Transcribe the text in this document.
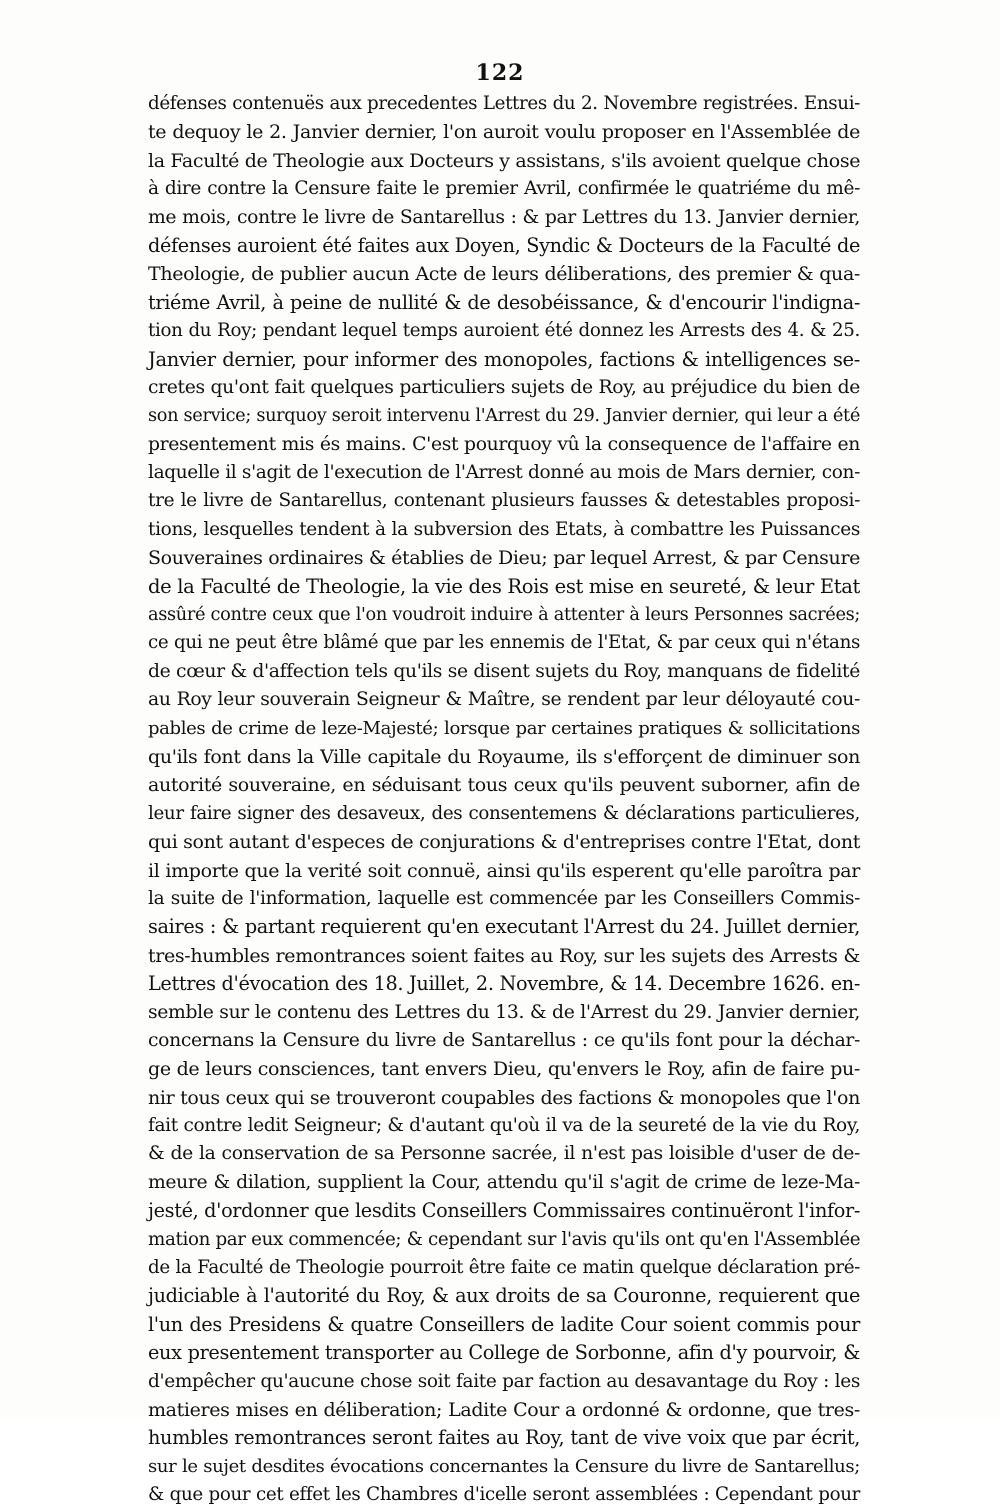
122
défenses contenuës aux precedentes Lettres du 2. Novembre registrées. Ensui-
te dequoy le 2. Janvier dernier, l'on auroit voulu proposer en l'Assemblée de
la Faculté de Theologie aux Docteurs y assistans, s'ils avoient quelque chose
à dire contre la Censure faite le premier Avril, confirmée le quatriéme du mê-
me mois, contre le livre de Santarellus : & par Lettres du 13. Janvier dernier,
défenses auroient été faites aux Doyen, Syndic & Docteurs de la Faculté de
Theologie, de publier aucun Acte de leurs déliberations, des premier & qua-
triéme Avril, à peine de nullité & de desobéissance, & d'encourir l'indigna-
tion du Roy; pendant lequel temps auroient été donnez les Arrests des 4. & 25.
Janvier dernier, pour informer des monopoles, factions & intelligences se-
cretes qu'ont fait quelques particuliers sujets de Roy, au préjudice du bien de
son service; surquoy seroit intervenu l'Arrest du 29. Janvier dernier, qui leur a été
presentement mis és mains. C'est pourquoy vû la consequence de l'affaire en
laquelle il s'agit de l'execution de l'Arrest donné au mois de Mars dernier, con-
tre le livre de Santarellus, contenant plusieurs fausses & detestables proposi-
tions, lesquelles tendent à la subversion des Etats, à combattre les Puissances
Souveraines ordinaires & établies de Dieu; par lequel Arrest, & par Censure
de la Faculté de Theologie, la vie des Rois est mise en seureté, & leur Etat
assûré contre ceux que l'on voudroit induire à attenter à leurs Personnes sacrées;
ce qui ne peut être blâmé que par les ennemis de l'Etat, & par ceux qui n'étans
de cœur & d'affection tels qu'ils se disent sujets du Roy, manquans de fidelité
au Roy leur souverain Seigneur & Maître, se rendent par leur déloyauté cou-
pables de crime de leze-Majesté; lorsque par certaines pratiques & sollicitations
qu'ils font dans la Ville capitale du Royaume, ils s'efforçent de diminuer son
autorité souveraine, en séduisant tous ceux qu'ils peuvent suborner, afin de
leur faire signer des desaveux, des consentemens & déclarations particulieres,
qui sont autant d'especes de conjurations & d'entreprises contre l'Etat, dont
il importe que la verité soit connuë, ainsi qu'ils esperent qu'elle paroîtra par
la suite de l'information, laquelle est commencée par les Conseillers Commis-
saires : & partant requierent qu'en executant l'Arrest du 24. Juillet dernier,
tres-humbles remontrances soient faites au Roy, sur les sujets des Arrests &
Lettres d'évocation des 18. Juillet, 2. Novembre, & 14. Decembre 1626. en-
semble sur le contenu des Lettres du 13. & de l'Arrest du 29. Janvier dernier,
concernans la Censure du livre de Santarellus : ce qu'ils font pour la déchar-
ge de leurs consciences, tant envers Dieu, qu'envers le Roy, afin de faire pu-
nir tous ceux qui se trouveront coupables des factions & monopoles que l'on
fait contre ledit Seigneur; & d'autant qu'où il va de la seureté de la vie du Roy,
& de la conservation de sa Personne sacrée, il n'est pas loisible d'user de de-
meure & dilation, supplient la Cour, attendu qu'il s'agit de crime de leze-Ma-
jesté, d'ordonner que lesdits Conseillers Commissaires continuëront l'infor-
mation par eux commencée; & cependant sur l'avis qu'ils ont qu'en l'Assemblée
de la Faculté de Theologie pourroit être faite ce matin quelque déclaration pré-
judiciable à l'autorité du Roy, & aux droits de sa Couronne, requierent que
l'un des Presidens & quatre Conseillers de ladite Cour soient commis pour
eux presentement transporter au College de Sorbonne, afin d'y pourvoir, &
d'empêcher qu'aucune chose soit faite par faction au desavantage du Roy : les
matieres mises en déliberation; Ladite Cour a ordonné & ordonne, que tres-
humbles remontrances seront faites au Roy, tant de vive voix que par écrit,
sur le sujet desdites évocations concernantes la Censure du livre de Santarellus;
& que pour cet effet les Chambres d'icelle seront assemblées : Cependant pour
